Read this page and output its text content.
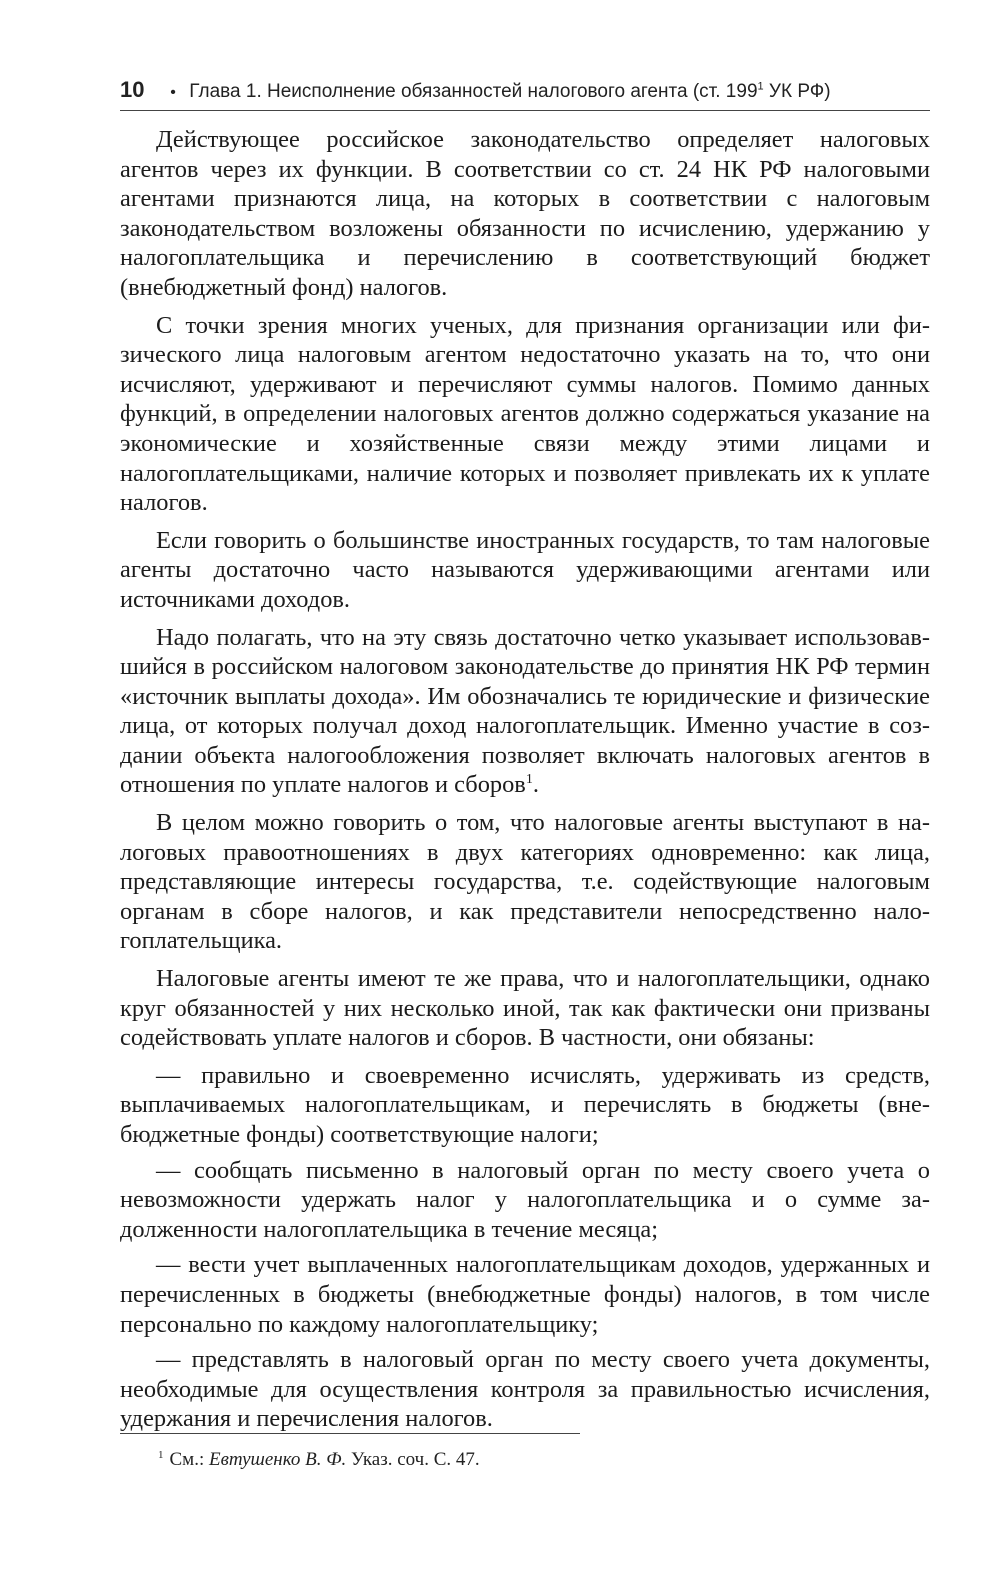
10 • Глава 1. Неисполнение обязанностей налогового агента (ст. $199^1$ УК РФ)

Действующее российское законодательство определяет налоговых агентов через их функции. В соответствии со ст. 24 НК РФ налоговыми агентами признаются лица, на которых в соответствии с налоговым законодательством возложены обязанности по исчислению, удержанию у налогоплательщика и перечислению в соответствующий бюджет (внебюджетный фонд) налогов.

С точки зрения многих ученых, для признания организации или физического лица налоговым агентом недостаточно указать на то, что они исчисляют, удерживают и перечисляют суммы налогов. Помимо данных функций, в определении налоговых агентов должно содержаться указание на экономические и хозяйственные связи между этими лицами и налогоплательщиками, наличие которых и позволяет привлекать их к уплате налогов.

Если говорить о большинстве иностранных государств, то там налоговые агенты достаточно часто называются удерживающими агентами или источниками доходов.

Надо полагать, что на эту связь достаточно четко указывает использовавшийся в российском налоговом законодательстве до принятия НК РФ термин «источник выплаты дохода». Им обозначались те юридические и физические лица, от которых получал доход налогоплательщик. Именно участие в создании объекта налогообложения позволяет включать налоговых агентов в отношения по уплате налогов и сборов$^1$.

В целом можно говорить о том, что налоговые агенты выступают в налоговых правоотношениях в двух категориях одновременно: как лица, представляющие интересы государства, т.е. содействующие налоговым органам в сборе налогов, и как представители непосредственно налогоплательщика.

Налоговые агенты имеют те же права, что и налогоплательщики, однако круг обязанностей у них несколько иной, так как фактически они призваны содействовать уплате налогов и сборов. В частности, они обязаны:

— правильно и своевременно исчислять, удерживать из средств, выплачиваемых налогоплательщикам, и перечислять в бюджеты (внебюджетные фонды) соответствующие налоги;

— сообщать письменно в налоговый орган по месту своего учета о невозможности удержать налог у налогоплательщика и о сумме задолженности налогоплательщика в течение месяца;

— вести учет выплаченных налогоплательщикам доходов, удержанных и перечисленных в бюджеты (внебюджетные фонды) налогов, в том числе персонально по каждому налогоплательщику;

— представлять в налоговый орган по месту своего учета документы, необходимые для осуществления контроля за правильностью исчисления, удержания и перечисления налогов.

$^1$ См.: Евтушенко В. Ф. Указ. соч. С. 47.
